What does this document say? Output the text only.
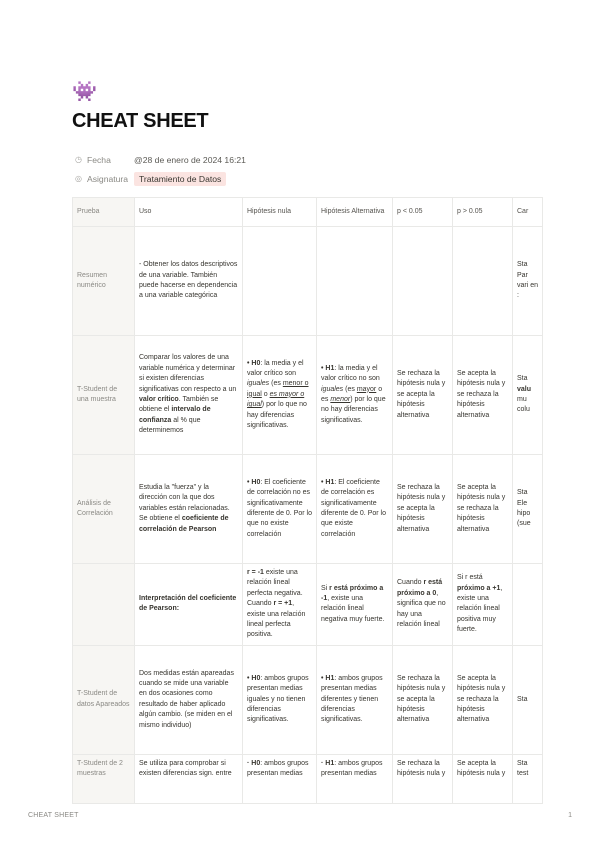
👾
CHEAT SHEET
◷ Fecha	@28 de enero de 2024 16:21
◎ Asignatura	Tratamiento de Datos
Prueba	Uso	Hipótesis nula	Hipótesis Alternativa	p < 0.05	p > 0.05	Car
Resumen numérico	- Obtener los datos descriptivos de una variable. También puede hacerse en dependencia a una variable categórica					Sta Par vari en :
T-Student de una muestra	Comparar los valores de una variable numérica y determinar si existen diferencias significativas con respecto a un valor crítico. También se obtiene el intervalo de confianza al % que determinemos	• H0: la media y el valor crítico son iguales (es menor o igual o es mayor o igual) por lo que no hay diferencias significativas.	• H1: la media y el valor crítico no son iguales (es mayor o es menor) por lo que no hay diferencias significativas.	Se rechaza la hipótesis nula y se acepta la hipótesis alternativa	Se acepta la hipótesis nula y se rechaza la hipótesis alternativa	Sta valu mu colu
Análisis de Correlación	Estudia la "fuerza" y la dirección con la que dos variables están relacionadas. Se obtiene el coeficiente de correlación de Pearson	• H0: El coeficiente de correlación no es significativamente diferente de 0. Por lo que no existe correlación	• H1: El coeficiente de correlación es significativamente diferente de 0. Por lo que existe correlación	Se rechaza la hipótesis nula y se acepta la hipótesis alternativa	Se acepta la hipótesis nula y se rechaza la hipótesis alternativa	Sta Ele hipo (sue
	Interpretación del coeficiente de Pearson:	r = -1 existe una relación lineal perfecta negativa. Cuando r = +1, existe una relación lineal perfecta positiva.	Si r está próximo a -1, existe una relación lineal negativa muy fuerte.	Cuando r está próximo a 0, significa que no hay una relación lineal	Si r está próximo a +1, existe una relación lineal positiva muy fuerte.	
T-Student de datos Apareados	Dos medidas están apareadas cuando se mide una variable en dos ocasiones como resultado de haber aplicado algún cambio. (se miden en el mismo individuo)	• H0: ambos grupos presentan medias iguales y no tienen diferencias significativas.	• H1: ambos grupos presentan medias diferentes y tienen diferencias significativas.	Se rechaza la hipótesis nula y se acepta la hipótesis alternativa	Se acepta la hipótesis nula y se rechaza la hipótesis alternativa	Sta
T-Student de 2 muestras	Se utiliza para comprobar si existen diferencias sign. entre	· H0: ambos grupos presentan medias	· H1: ambos grupos presentan medias	Se rechaza la hipótesis nula y	Se acepta la hipótesis nula y	Sta test
CHEAT SHEET	1
